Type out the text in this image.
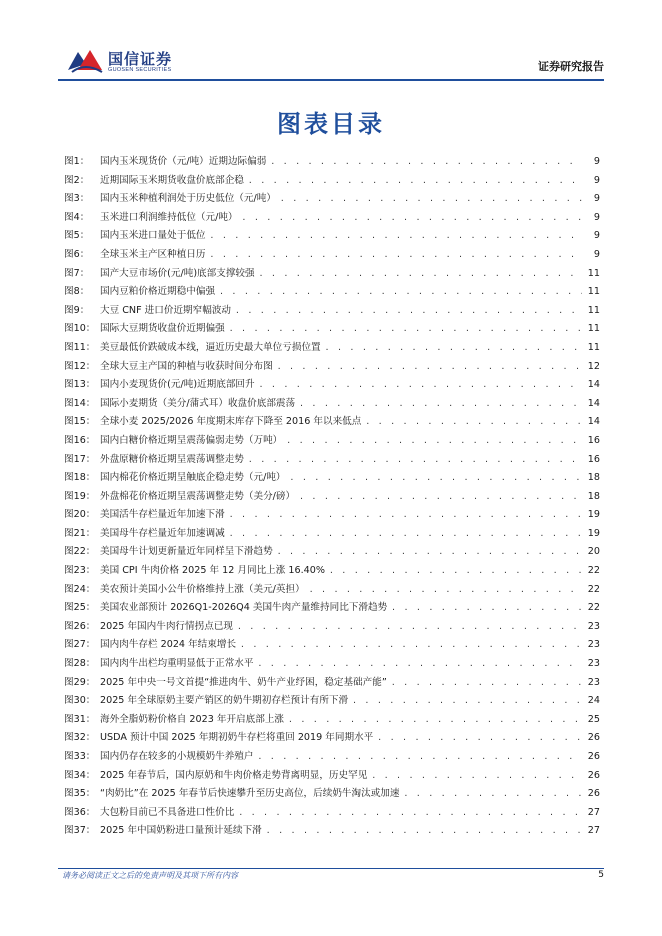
国信证券
GUOSEN SECURITIES	证券研究报告
图表目录
图1：	国内玉米现货价（元/吨）近期边际偏弱 . . .	9
图2：	近期国际玉米期货收盘价底部企稳 . . .	9
图3：	国内玉米种植利润处于历史低位（元/吨） . . .	9
图4：	玉米进口利润维持低位（元/吨） . . .	9
图5：	国内玉米进口量处于低位 . . .	9
图6：	全球玉米主产区种植日历 . . .	9
图7：	国产大豆市场价(元/吨)底部支撑较强 . . .	11
图8：	国内豆粕价格近期稳中偏强 . . .	11
图9：	大豆 CNF 进口价近期窄幅波动 . . .	11
图10： 国际大豆期货收盘价近期偏强 . . .	11
图11： 美豆最低价跌破成本线，逼近历史最大单位亏损位置 . . .	11
图12： 全球大豆主产国的种植与收获时间分布图 . . .	12
图13： 国内小麦现货价(元/吨)近期底部回升 . . .	14
图14： 国际小麦期货（美分/蒲式耳）收盘价底部震荡 . . .	14
图15： 全球小麦 2025/2026 年度期末库存下降至 2016 年以来低点 . . .	14
图16： 国内白糖价格近期呈震荡偏弱走势（万吨） . . .	16
图17： 外盘原糖价格近期呈震荡调整走势 . . .	16
图18： 国内棉花价格近期呈触底企稳走势（元/吨） . . .	18
图19： 外盘棉花价格近期呈震荡调整走势（美分/磅） . . .	18
图20： 美国活牛存栏量近年加速下滑 . . .	19
图21： 美国母牛存栏量近年加速调减 . . .	19
图22： 美国母牛计划更新量近年同样呈下滑趋势 . . .	20
图23： 美国 CPI 牛肉价格 2025 年 12 月同比上涨 16.40% . . .	22
图24： 美农预计美国小公牛价格维持上涨（美元/英担） . . .	22
图25： 美国农业部预计 2026Q1-2026Q4 美国牛肉产量维持同比下滑趋势 . . .	22
图26： 2025 年国内牛肉行情拐点已现 . . .	23
图27： 国内肉牛存栏 2024 年结束增长 . . .	23
图28： 国内肉牛出栏均重明显低于正常水平 . . .	23
图29： 2025 年中央一号文首提“推进肉牛、奶牛产业纾困，稳定基础产能” . . .	23
图30： 2025 年全球原奶主要产销区的奶牛期初存栏预计有所下滑 . . .	24
图31： 海外全脂奶粉价格自 2023 年开启底部上涨 . . .	25
图32： USDA 预计中国 2025 年期初奶牛存栏将重回 2019 年同期水平 . . .	26
图33： 国内仍存在较多的小规模奶牛养殖户 . . .	26
图34： 2025 年春节后，国内原奶和牛肉价格走势背离明显，历史罕见 . . .	26
图35： “肉奶比”在 2025 年春节后快速攀升至历史高位，后续奶牛淘汰或加速 . . .	26
图36： 大包粉目前已不具备进口性价比 . . .	27
图37： 2025 年中国奶粉进口量预计延续下滑 . . .	27
请务必阅读正文之后的免责声明及其项下所有内容	5
